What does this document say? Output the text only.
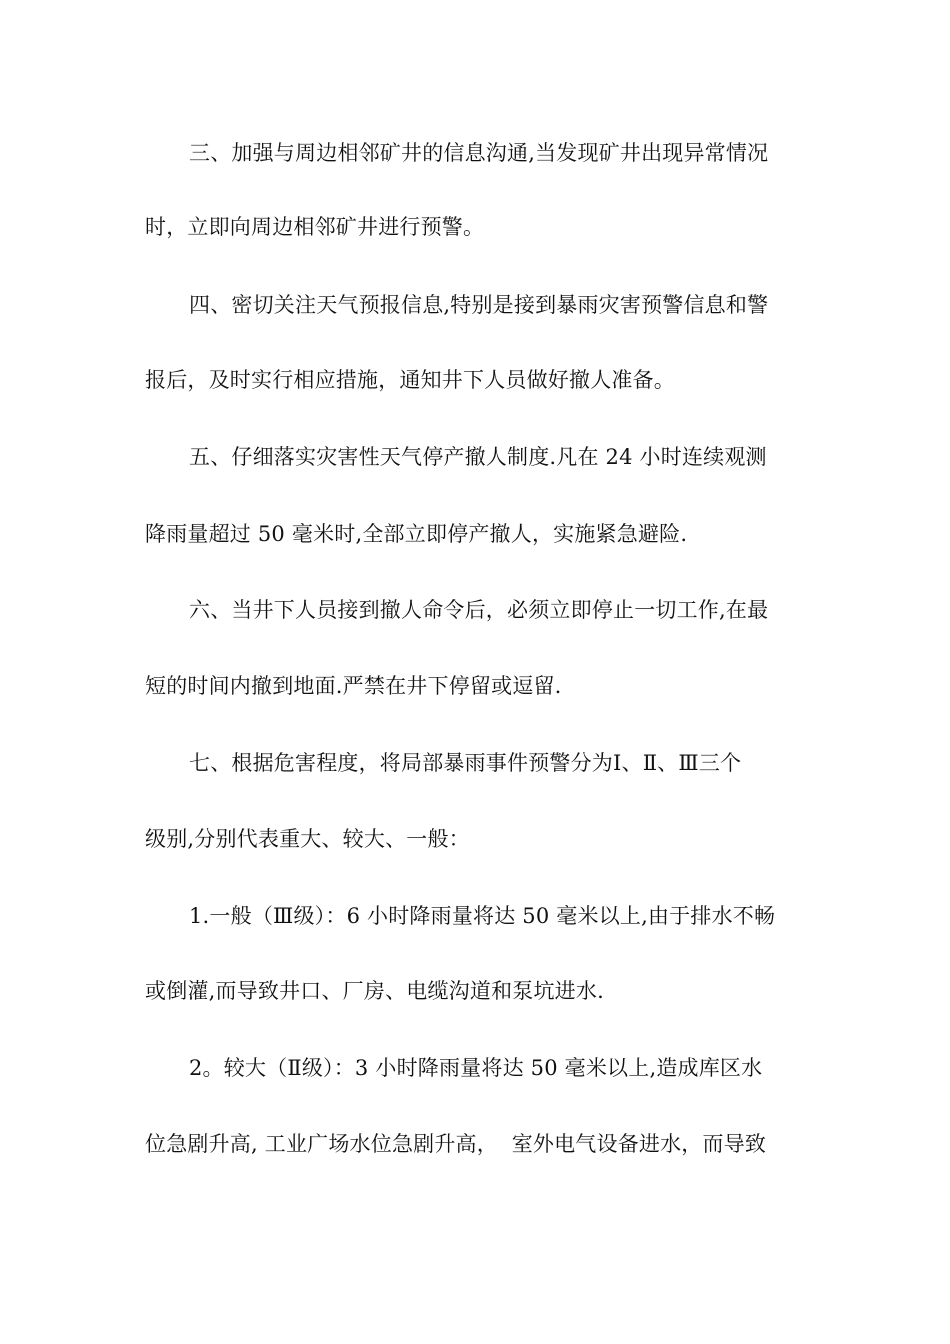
三、加强与周边相邻矿井的信息沟通,当发现矿井出现异常情况
时，立即向周边相邻矿井进行预警。
四、密切关注天气预报信息,特别是接到暴雨灾害预警信息和警
报后，及时实行相应措施，通知井下人员做好撤人准备。
五、仔细落实灾害性天气停产撤人制度.凡在 24 小时连续观测
降雨量超过 50 毫米时,全部立即停产撤人，实施紧急避险.
六、当井下人员接到撤人命令后，必须立即停止一切工作,在最
短的时间内撤到地面.严禁在井下停留或逗留.
七、根据危害程度，将局部暴雨事件预警分为Ⅰ、Ⅱ、Ⅲ三个
级别,分别代表重大、较大、一般：
1.一般（Ⅲ级）：6 小时降雨量将达 50 毫米以上,由于排水不畅
或倒灌,而导致井口、厂房、电缆沟道和泵坑进水.
2。较大（Ⅱ级）：3 小时降雨量将达 50 毫米以上,造成库区水
位急剧升高, 工业广场水位急剧升高，  室外电气设备进水，而导致
